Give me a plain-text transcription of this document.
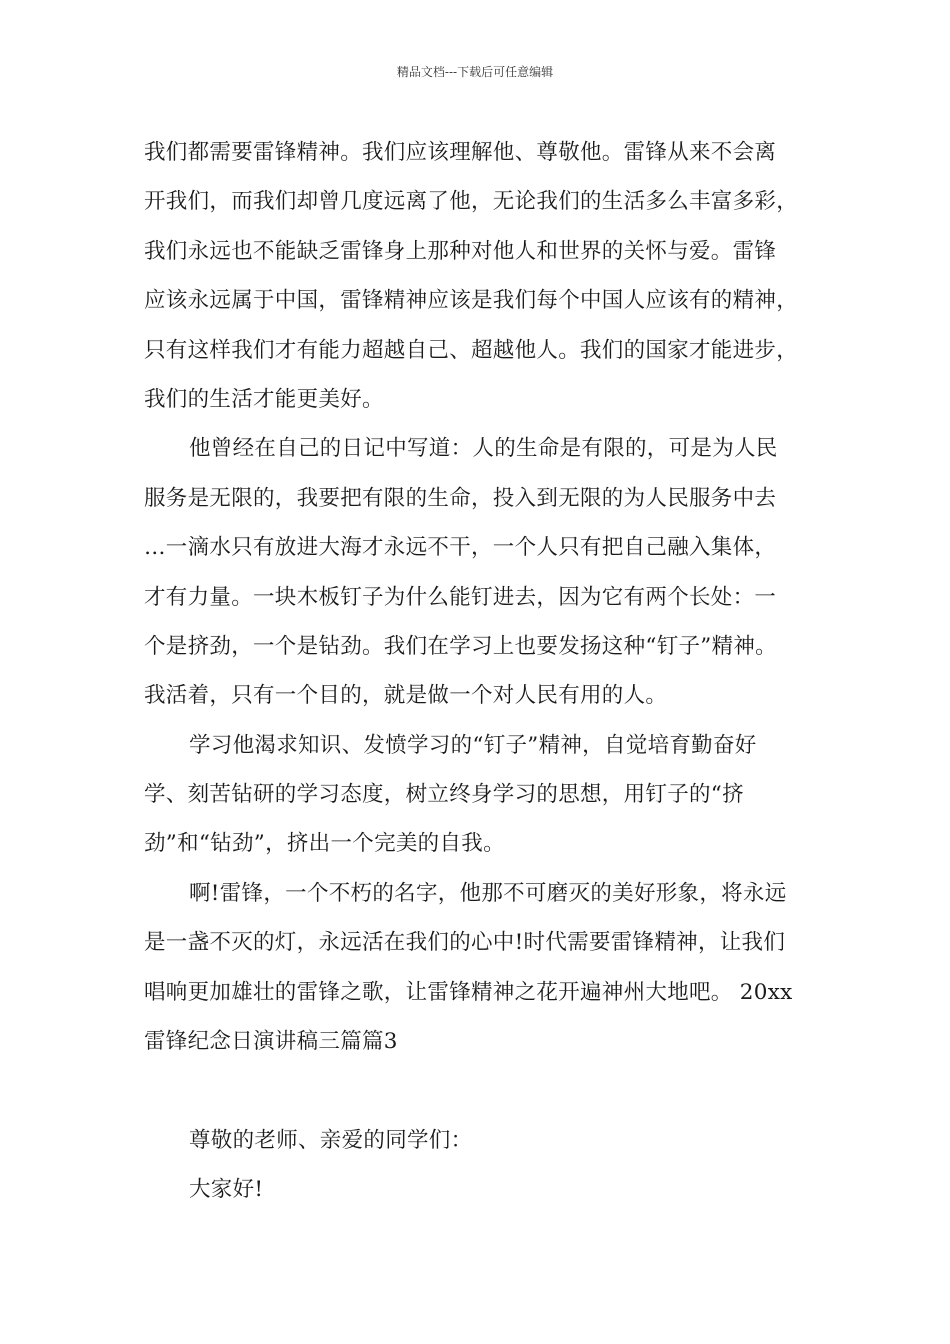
精品文档---下载后可任意编辑
我们都需要雷锋精神。我们应该理解他、尊敬他。雷锋从来不会离
开我们，而我们却曾几度远离了他，无论我们的生活多么丰富多彩，
我们永远也不能缺乏雷锋身上那种对他人和世界的关怀与爱。雷锋
应该永远属于中国，雷锋精神应该是我们每个中国人应该有的精神，
只有这样我们才有能力超越自己、超越他人。我们的国家才能进步，
我们的生活才能更美好。
他曾经在自己的日记中写道：人的生命是有限的，可是为人民
服务是无限的，我要把有限的生命，投入到无限的为人民服务中去
…一滴水只有放进大海才永远不干，一个人只有把自己融入集体，
才有力量。一块木板钉子为什么能钉进去，因为它有两个长处：一
个是挤劲，一个是钻劲。我们在学习上也要发扬这种“钉子”精神。
我活着，只有一个目的，就是做一个对人民有用的人。
学习他渴求知识、发愤学习的“钉子”精神，自觉培育勤奋好
学、刻苦钻研的学习态度，树立终身学习的思想，用钉子的“挤
劲”和“钻劲”，挤出一个完美的自我。
啊!雷锋，一个不朽的名字，他那不可磨灭的美好形象，将永远
是一盏不灭的灯，永远活在我们的心中!时代需要雷锋精神，让我们
唱响更加雄壮的雷锋之歌，让雷锋精神之花开遍神州大地吧。 20xx
雷锋纪念日演讲稿三篇篇3
尊敬的老师、亲爱的同学们：
大家好!
